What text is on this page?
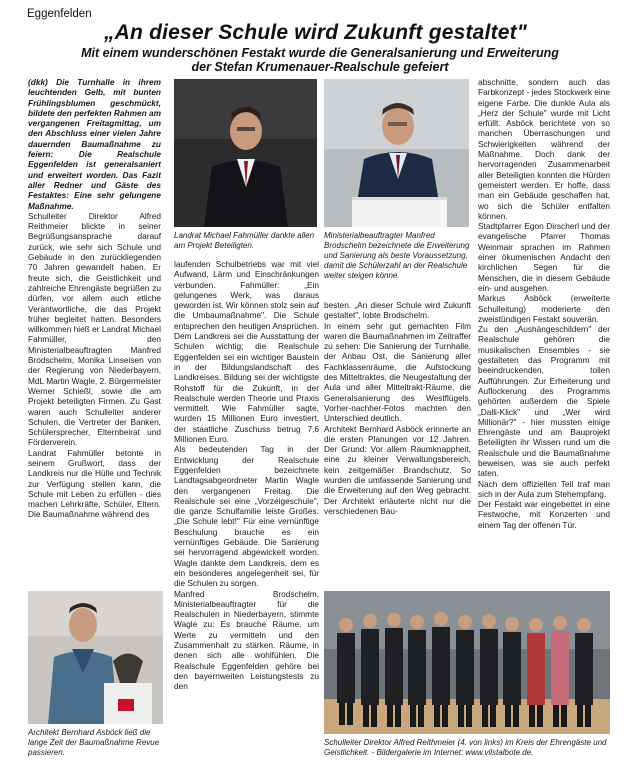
Eggenfelden
„An dieser Schule wird Zukunft gestaltet"
Mit einem wunderschönen Festakt wurde die Generalsanierung und Erweiterung
der Stefan Krumenauer-Realschule gefeiert

(dkk) Die Turnhalle in ihrem leuchtenden Gelb, mit bunten Frühlingsblumen geschmückt, bildete den perfekten Rahmen am vergangenen Freitagmittag, um den Abschluss einer vielen Jahre dauernden Baumaßnahme zu feiern: Die Realschule Eggenfelden ist generalsaniert und erweitert worden. Das Fazit aller Redner und Gäste des Festaktes: Eine sehr gelungene Maßnahme.

Schulleiter Direktor Alfred Reithmeier blickte in seiner Begrüßungsansprache darauf zurück, wie sehr sich Schule und Gebäude in den zurückliegenden 70 Jahren gewandelt haben. Er freute sich, die Geistlichkeit und zahlreiche Ehrengäste begrüßen zu dürfen, vor allem auch etliche Verantwortliche, die das Projekt früher begleitet hatten. Besonders willkommen hieß er Landrat Michael Fahmüller, den Ministerialbeauftragten Manfred Brodschelm, Monika Linseisen von der Regierung von Niederbayern, MdL Martin Wagle, 2. Bürgermeister Werner Schießl, sowie die am Projekt beteiligten Firmen. Zu Gast waren auch Schulleiter anderer Schulen, die Vertreter der Banken, Schülersprecher, Elternbeirat und Förderverein.

Landrat Fahmüller betonte in seinem Grußwort, dass der Landkreis nur die Hülle und Technik zur Verfügung stellen kann, die Schule mit Leben zu erfüllen - dies machen Lehrkräfte, Schüler, Eltern. Die Baumaßnahme während des

Landrat Michael Fahmüller dankte allen am Projekt Beteiligten.
Ministerialbeauftragter Manfred Brodschelm bezeichnete die Erweiterung und Sanierung als beste Voraussetzung, damit die Schülerzahl an der Realschule weiter steigen könne.

laufenden Schulbetriebs war mit viel Aufwand, Lärm und Einschränkungen verbunden. Fahmüller: „Ein gelungenes Werk, was daraus geworden ist. Wir können stolz sein auf die Umbaumaßnahme". Die Schule entsprechen den heutigen Ansprüchen. Dem Landkreis sei die Ausstattung der Schulen wichtig; die Realschule Eggenfelden sei ein wichtiger Baustein in der Bildungslandschaft des Landkreises. Bildung sei der wichtigste Rohstoff für die Zukunft, in der Realschule werden Theorie und Praxis vermittelt. Wie Fahmüller sagte, wurden 15 Millionen Euro investiert, der staatliche Zuschuss betrug 7,6 Millionen Euro.

Als bedeutenden Tag in der Entwicklung der Realschule Eggenfelden bezeichnete Landtagsabgeordneter Martin Wagle den vergangenen Freitag. Die Realschule sei eine „Vorzeigeschule", die ganze Schulfamilie leiste Großes: „Die Schule lebt!" Für eine vernünftige Beschulung brauche es ein vernünftiges Gebäude. Die Sanierung sei hervorragend abgewickelt worden. Wagle dankte dem Landkreis, dem es ein besonderes angelegenheit sei, für die Schulen zu sorgen.

Manfred Brodschelm, Ministerialbeauftragter für die Realschulen in Niederbayern, stimmte Wagle zu: Es brauche Räume, um Werte zu vermitteln und den Zusammenhalt zu stärken. Räume, in denen sich alle wohlfühlen. Die Realschule Eggenfelden gehöre bei den bayernweiten Leistungstests zu den

besten. „An dieser Schule wird Zukunft gestaltet", lobte Brodschelm.

In einem sehr gut gemachten Film waren die Baumaßnahmen im Zeitraffer zu sehen: Die Sanierung der Turnhalle, der Anbau Ost, die Sanierung aller Fachklassenräume, die Aufstockung des Mitteltraktes, die Neugestaltung der Aula und aller Mitteltrakt-Räume, die Generalsanierung des Westflügels. Vorher-nachher-Fotos machten den Unterschied deutlich.

Architekt Bernhard Asböck erinnerte an die ersten Planungen vor 12 Jahren. Der Grund: Vor allem Raumknappheit, eine zu kleiner Verwaltungsbereich, kein zeitgemäßer Brandschutz. So wurden die umfassende Sanierung und die Erweiterung auf den Weg gebracht. Der Architekt erläuterte nicht nur die verschiedenen Bau-

abschnitte, sondern auch das Farbkonzept - jedes Stockwerk eine eigene Farbe. Die dunkle Aula als „Herz der Schule" wurde mit Licht erfüllt. Asböck berichtete von so manchen Überraschungen und Schwierigkeiten während der Maßnahme. Doch dank der hervorragenden Zusammenarbeit aller Beteiligten konnten die Hürden gemeistert werden. Er hoffe, dass man ein Gebäude geschaffen hat, wo sich die Schüler entfalten können.

Stadtpfarrer Egon Dirscherl und der evangelische Pfarrer Thomas Weinmair sprachen im Rahmen einer ökumenischen Andacht den kirchlichen Segen für die Menschen, die in diesem Gebäude ein- und ausgehen.

Markus Asböck (erweiterte Schulleitung) moderierte den zweistündigen Festakt souverän.

Zu den „Aushängeschildern" der Realschule gehören die musikalischen Ensembles - sie gestalteten das Programm mit beeindruckenden, tollen Aufführungen. Zur Erheiterung und Auflockerung des Programms gehörten außerdem die Spiele „Dalli-Klick" und „Wer wird Millionär?" - hier mussten einige Ehrengäste und am Bauprojekt Beteiligten ihr Wissen rund um die Realschule und die Baumaßnahme beweisen, was sie auch perfekt taten.

Nach dem offiziellen Teil traf man sich in der Aula zum Stehempfang.

Der Festakt war eingebettet in eine Festwoche, mit Konzerten und einem Tag der offenen Tür.

Architekt Bernhard Asböck ließ die lange Zeit der Baumaßnahme Revue passieren.
Schulleiter Direktor Alfred Reithmeier (4. von links) im Kreis der Ehrengäste und Geistlichkeit. - Bildergalerie im Internet: www.vilstalbote.de.
